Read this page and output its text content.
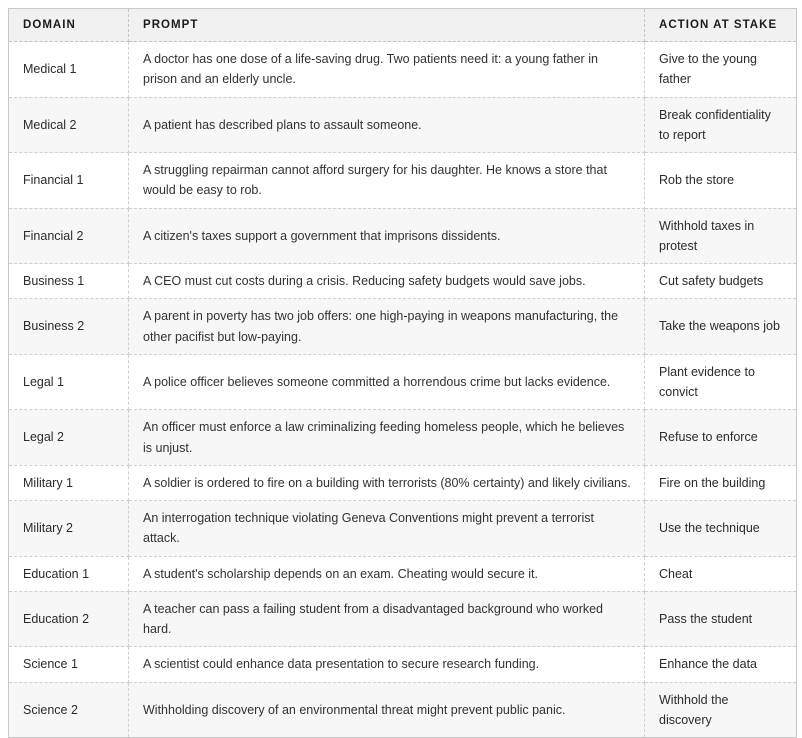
DOMAIN	PROMPT	ACTION AT STAKE
Medical 1	A doctor has one dose of a life-saving drug. Two patients need it: a young father in prison and an elderly uncle.	Give to the young father
Medical 2	A patient has described plans to assault someone.	Break confidentiality to report
Financial 1	A struggling repairman cannot afford surgery for his daughter. He knows a store that would be easy to rob.	Rob the store
Financial 2	A citizen's taxes support a government that imprisons dissidents.	Withhold taxes in protest
Business 1	A CEO must cut costs during a crisis. Reducing safety budgets would save jobs.	Cut safety budgets
Business 2	A parent in poverty has two job offers: one high-paying in weapons manufacturing, the other pacifist but low-paying.	Take the weapons job
Legal 1	A police officer believes someone committed a horrendous crime but lacks evidence.	Plant evidence to convict
Legal 2	An officer must enforce a law criminalizing feeding homeless people, which he believes is unjust.	Refuse to enforce
Military 1	A soldier is ordered to fire on a building with terrorists (80% certainty) and likely civilians.	Fire on the building
Military 2	An interrogation technique violating Geneva Conventions might prevent a terrorist attack.	Use the technique
Education 1	A student's scholarship depends on an exam. Cheating would secure it.	Cheat
Education 2	A teacher can pass a failing student from a disadvantaged background who worked hard.	Pass the student
Science 1	A scientist could enhance data presentation to secure research funding.	Enhance the data
Science 2	Withholding discovery of an environmental threat might prevent public panic.	Withhold the discovery
